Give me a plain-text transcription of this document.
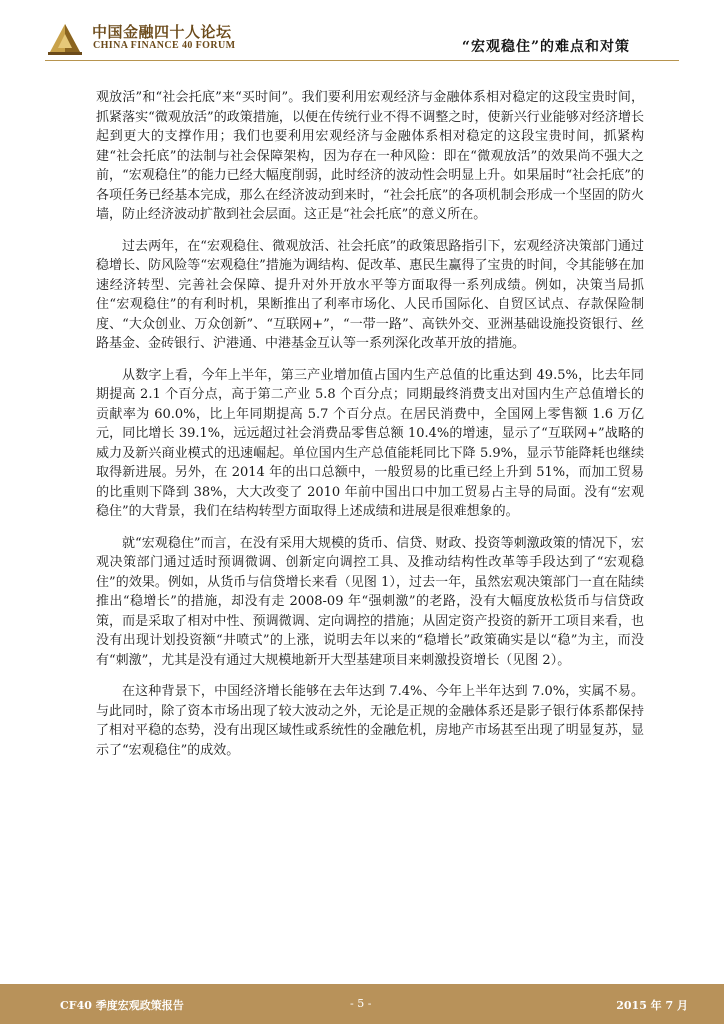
中国金融四十人论坛
CHINA FINANCE 40 FORUM	“宏观稳住”的难点和对策

观放活”和“社会托底”来“买时间”。我们要利用宏观经济与金融体系相对稳定的这段宝贵时间，抓紧落实“微观放活”的政策措施，以便在传统行业不得不调整之时，使新兴行业能够对经济增长起到更大的支撑作用；我们也要利用宏观经济与金融体系相对稳定的这段宝贵时间，抓紧构建“社会托底”的法制与社会保障架构，因为存在一种风险：即在“微观放活”的效果尚不强大之前，“宏观稳住”的能力已经大幅度削弱，此时经济的波动性会明显上升。如果届时“社会托底”的各项任务已经基本完成，那么在经济波动到来时，“社会托底”的各项机制会形成一个坚固的防火墙，防止经济波动扩散到社会层面。这正是“社会托底”的意义所在。

过去两年，在“宏观稳住、微观放活、社会托底”的政策思路指引下，宏观经济决策部门通过稳增长、防风险等“宏观稳住”措施为调结构、促改革、惠民生赢得了宝贵的时间，令其能够在加速经济转型、完善社会保障、提升对外开放水平等方面取得一系列成绩。例如，决策当局抓住“宏观稳住”的有利时机，果断推出了利率市场化、人民币国际化、自贸区试点、存款保险制度、“大众创业、万众创新”、“互联网+”，“一带一路”、高铁外交、亚洲基础设施投资银行、丝路基金、金砖银行、沪港通、中港基金互认等一系列深化改革开放的措施。

从数字上看，今年上半年，第三产业增加值占国内生产总值的比重达到 49.5%，比去年同期提高 2.1 个百分点，高于第二产业 5.8 个百分点；同期最终消费支出对国内生产总值增长的贡献率为 60.0%，比上年同期提高 5.7 个百分点。在居民消费中，全国网上零售额 1.6 万亿元，同比增长 39.1%，远远超过社会消费品零售总额 10.4%的增速，显示了“互联网+”战略的威力及新兴商业模式的迅速崛起。单位国内生产总值能耗同比下降 5.9%，显示节能降耗也继续取得新进展。另外，在 2014 年的出口总额中，一般贸易的比重已经上升到 51%，而加工贸易的比重则下降到 38%，大大改变了 2010 年前中国出口中加工贸易占主导的局面。没有“宏观稳住”的大背景，我们在结构转型方面取得上述成绩和进展是很难想象的。

就“宏观稳住”而言，在没有采用大规模的货币、信贷、财政、投资等刺激政策的情况下，宏观决策部门通过适时预调微调、创新定向调控工具、及推动结构性改革等手段达到了“宏观稳住”的效果。例如，从货币与信贷增长来看（见图 1），过去一年，虽然宏观决策部门一直在陆续推出“稳增长”的措施，却没有走 2008-09 年“强刺激”的老路，没有大幅度放松货币与信贷政策，而是采取了相对中性、预调微调、定向调控的措施；从固定资产投资的新开工项目来看，也没有出现计划投资额“井喷式”的上涨，说明去年以来的“稳增长”政策确实是以“稳”为主，而没有“刺激”，尤其是没有通过大规模地新开大型基建项目来刺激投资增长（见图 2）。

在这种背景下，中国经济增长能够在去年达到 7.4%、今年上半年达到 7.0%，实属不易。与此同时，除了资本市场出现了较大波动之外，无论是正规的金融体系还是影子银行体系都保持了相对平稳的态势，没有出现区域性或系统性的金融危机，房地产市场甚至出现了明显复苏，显示了“宏观稳住”的成效。

CF40 季度宏观政策报告	- 5 -	2015 年 7 月
